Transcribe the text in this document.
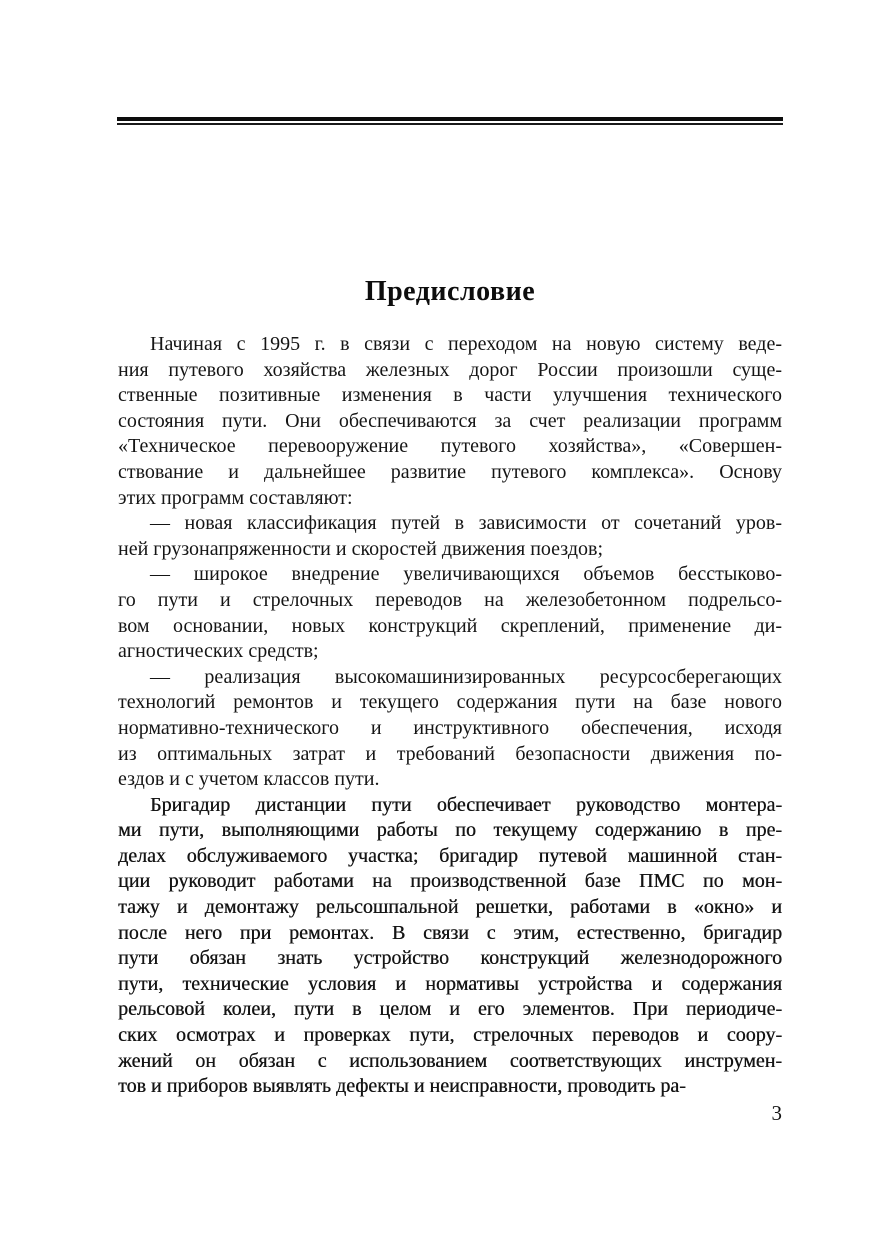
Предисловие
Начиная с 1995 г. в связи с переходом на новую систему веде-
ния путевого хозяйства железных дорог России произошли суще-
ственные позитивные изменения в части улучшения технического
состояния пути. Они обеспечиваются за счет реализации программ
«Техническое перевооружение путевого хозяйства», «Совершен-
ствование и дальнейшее развитие путевого комплекса». Основу
этих программ составляют:
— новая классификация путей в зависимости от сочетаний уров-
ней грузонапряженности и скоростей движения поездов;
— широкое внедрение увеличивающихся объемов бесстыково-
го пути и стрелочных переводов на железобетонном подрельсо-
вом основании, новых конструкций скреплений, применение ди-
агностических средств;
— реализация высокомашинизированных ресурсосберегающих
технологий ремонтов и текущего содержания пути на базе нового
нормативно-технического и инструктивного обеспечения, исходя
из оптимальных затрат и требований безопасности движения по-
ездов и с учетом классов пути.
Бригадир дистанции пути обеспечивает руководство монтера-
ми пути, выполняющими работы по текущему содержанию в пре-
делах обслуживаемого участка; бригадир путевой машинной стан-
ции руководит работами на производственной базе ПМС по мон-
тажу и демонтажу рельсошпальной решетки, работами в «окно» и
после него при ремонтах. В связи с этим, естественно, бригадир
пути обязан знать устройство конструкций железнодорожного
пути, технические условия и нормативы устройства и содержания
рельсовой колеи, пути в целом и его элементов. При периодиче-
ских осмотрах и проверках пути, стрелочных переводов и соору-
жений он обязан с использованием соответствующих инструмен-
тов и приборов выявлять дефекты и неисправности, проводить ра-
3
